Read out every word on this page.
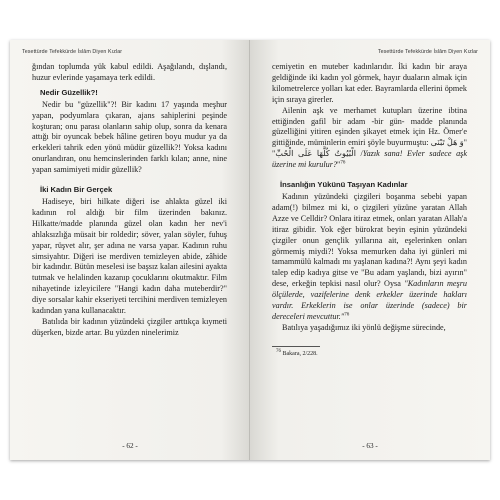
Tesettürde Tefekkürde İslâm Diyen Kızlar

ğından toplumda yük kabul edildi. Aşağılandı, dışlandı, huzur evlerinde yaşamaya terk edildi.

Nedir Güzellik?!

Nedir bu "güzellik"?! Bir kadını 17 yaşında meşhur yapan, podyumlara çıkaran, ajans sahiplerini peşinde koşturan; onu parası olanların sahip olup, sonra da kenara attığı bir oyuncak bebek hâline getiren boyu mudur ya da erkekleri tahrik eden yönü müdür güzellik?! Yoksa kadını onurlandıran, onu hemcinslerinden farklı kılan; anne, nine yapan samimiyeti midir güzellik?

İki Kadın Bir Gerçek

Hadiseye, biri hilkate diğeri ise ahlakta güzel iki kadının rol aldığı bir film üzerinden bakınız. Hilkatte/madde planında güzel olan kadın her nev'i ahlaksızlığa müsait bir roldedir; söver, yalan söyler, fuhuş yapar, rüşvet alır, şer adına ne varsa yapar. Kadının ruhu simsiyahtır. Diğeri ise merdiven temizleyen abide, zâhide bir kadındır. Bütün meselesi ise başsız kalan ailesini ayakta tutmak ve helalinden kazanıp çocuklarını okutmaktır. Film nihayetinde izleyicilere "Hangi kadın daha muteberdir?" diye sorsalar kahir ekseriyeti tercihini merdiven temizleyen kadından yana kullanacaktır.

Batılıda bir kadının yüzündeki çizgiler arttıkça kıymeti düşerken, bizde artar. Bu yüzden ninelerimiz

- 62 -
Tesettürde Tefekkürde İslâm Diyen Kızlar

cemiyetin en muteber kadınlarıdır. İki kadın bir araya geldiğinde iki kadın yol görmek, hayır duaların almak için kilometrelerce yolları kat eder. Bayramlarda ellerini öpmek için sıraya girerler.

Ailenin aşk ve merhamet kutupları üzerine ibtina ettiğinden gafil bir adam -bir gün- madde planında güzelliğini yitiren eşinden şikayet etmek için Hz. Ömer'e gittiğinde, müminlerin emiri şöyle buyurmuştu: "وَ هَلْ تَبْنَى الْبُيُوتُ كُلَّهَا عَلَى الْحُبِّ" /Yazık sana! Evler sadece aşk üzerine mi kurulur?"$^{76}$

İnsanlığın Yükünü Taşıyan Kadınlar

Kadının yüzündeki çizgileri boşanma sebebi yapan adam(!) bilmez mi ki, o çizgileri yüzüne yaratan Allah Azze ve Celldir? Onlara itiraz etmek, onları yaratan Allah'a itiraz gibidir. Yok eğer bürokrat beyin eşinin yüzündeki çizgiler onun gençlik yıllarına ait, eşelerinken onları görmemiş miydi?! Yoksa memurken daha iyi günleri mi tamammülü kalmadı mı yaşlanan kadına?! Aynı şeyi kadın talep edip kadıya gitse ve "Bu adam yaşlandı, bizi ayırın" dese, erkeğin tepkisi nasıl olur? Oysa "Kadınların meşru ölçülerde, vazifelerine denk erkekler üzerinde hakları vardır. Erkeklerin ise onlar üzerinde (sadece) bir dereceleri mevcuttur."$^{76}$

Batılıya yaşadığımız iki yönlü değişme sürecinde,

$^{76}$ Bakara, 2/228.
- 63 -
